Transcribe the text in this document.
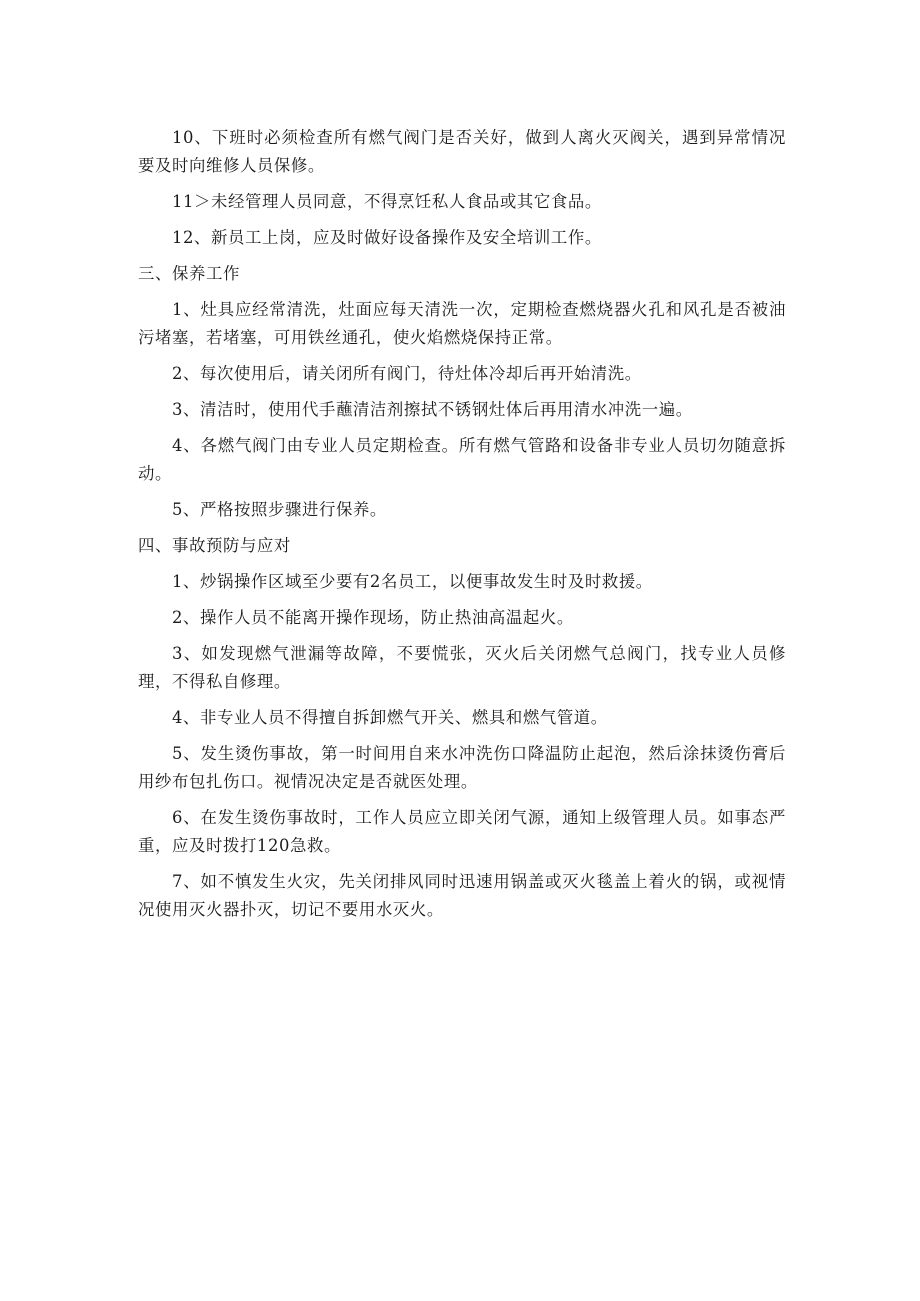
10、下班时必须检查所有燃气阀门是否关好，做到人离火灭阀关，遇到异常情况要及时向维修人员保修。

11＞未经管理人员同意，不得烹饪私人食品或其它食品。

12、新员工上岗，应及时做好设备操作及安全培训工作。

三、保养工作

1、灶具应经常清洗，灶面应每天清洗一次，定期检查燃烧器火孔和风孔是否被油污堵塞，若堵塞，可用铁丝通孔，使火焰燃烧保持正常。

2、每次使用后，请关闭所有阀门，待灶体冷却后再开始清洗。

3、清洁时，使用代手蘸清洁剂擦拭不锈钢灶体后再用清水冲洗一遍。

4、各燃气阀门由专业人员定期检查。所有燃气管路和设备非专业人员切勿随意拆动。

5、严格按照步骤进行保养。

四、事故预防与应对

1、炒锅操作区域至少要有2名员工，以便事故发生时及时救援。

2、操作人员不能离开操作现场，防止热油高温起火。

3、如发现燃气泄漏等故障，不要慌张，灭火后关闭燃气总阀门，找专业人员修理，不得私自修理。

4、非专业人员不得擅自拆卸燃气开关、燃具和燃气管道。

5、发生烫伤事故，第一时间用自来水冲洗伤口降温防止起泡，然后涂抹烫伤膏后用纱布包扎伤口。视情况决定是否就医处理。

6、在发生烫伤事故时，工作人员应立即关闭气源，通知上级管理人员。如事态严重，应及时拨打120急救。

7、如不慎发生火灾，先关闭排风同时迅速用锅盖或灭火毯盖上着火的锅，或视情况使用灭火器扑灭，切记不要用水灭火。
